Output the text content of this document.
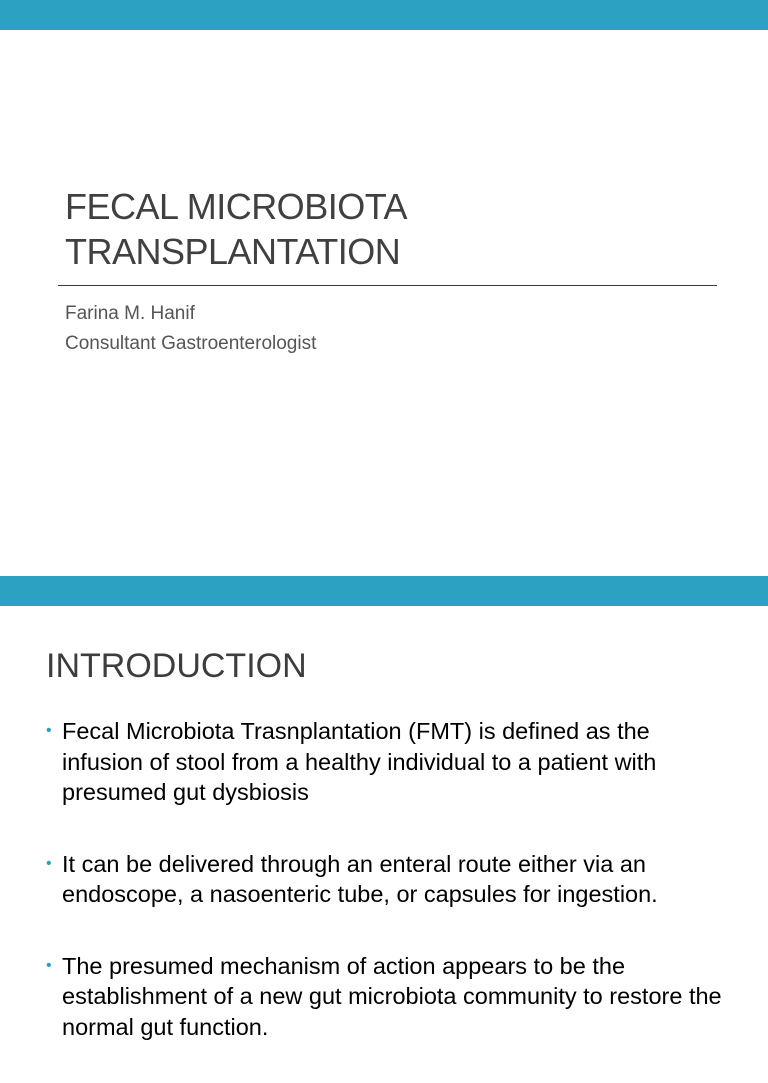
FECAL MICROBIOTA
TRANSPLANTATION
Farina M. Hanif
Consultant Gastroenterologist
INTRODUCTION
• Fecal Microbiota Trasnplantation (FMT) is defined as the infusion of stool from a healthy individual to a patient with presumed gut dysbiosis
• It can be delivered through an enteral route either via an endoscope, a nasoenteric tube, or capsules for ingestion.
• The presumed mechanism of action appears to be the establishment of a new gut microbiota community to restore the normal gut function.
